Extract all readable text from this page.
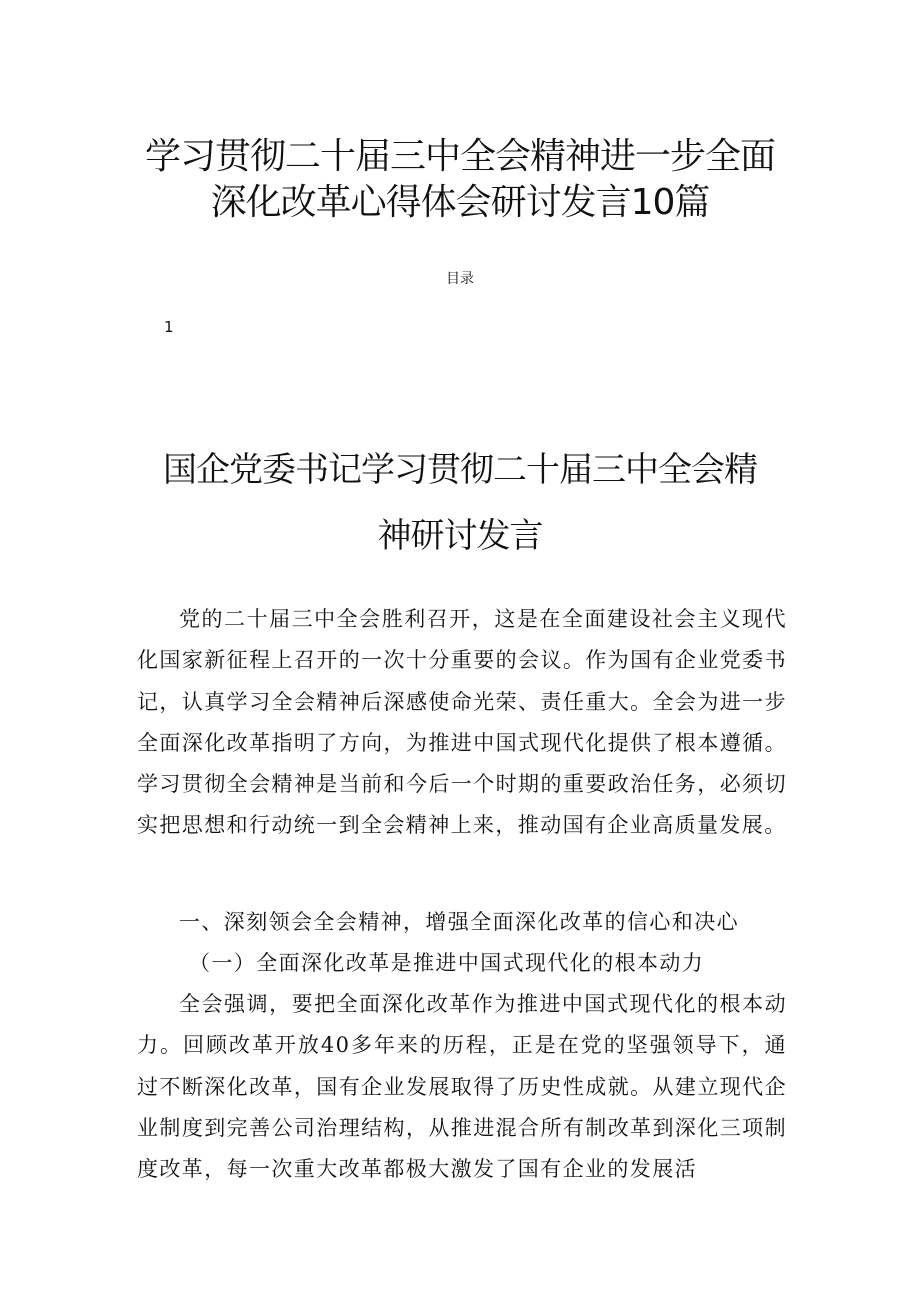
学习贯彻二十届三中全会精神进一步全面
深化改革心得体会研讨发言10篇
目录
1
国企党委书记学习贯彻二十届三中全会精
神研讨发言

党的二十届三中全会胜利召开，这是在全面建设社会主义现代化国家新征程上召开的一次十分重要的会议。作为国有企业党委书记，认真学习全会精神后深感使命光荣、责任重大。全会为进一步全面深化改革指明了方向，为推进中国式现代化提供了根本遵循。学习贯彻全会精神是当前和今后一个时期的重要政治任务，必须切实把思想和行动统一到全会精神上来，推动国有企业高质量发展。

一、深刻领会全会精神，增强全面深化改革的信心和决心

（一）全面深化改革是推进中国式现代化的根本动力

全会强调，要把全面深化改革作为推进中国式现代化的根本动力。回顾改革开放40多年来的历程，正是在党的坚强领导下，通过不断深化改革，国有企业发展取得了历史性成就。从建立现代企业制度到完善公司治理结构，从推进混合所有制改革到深化三项制度改革，每一次重大改革都极大激发了国有企业的发展活
